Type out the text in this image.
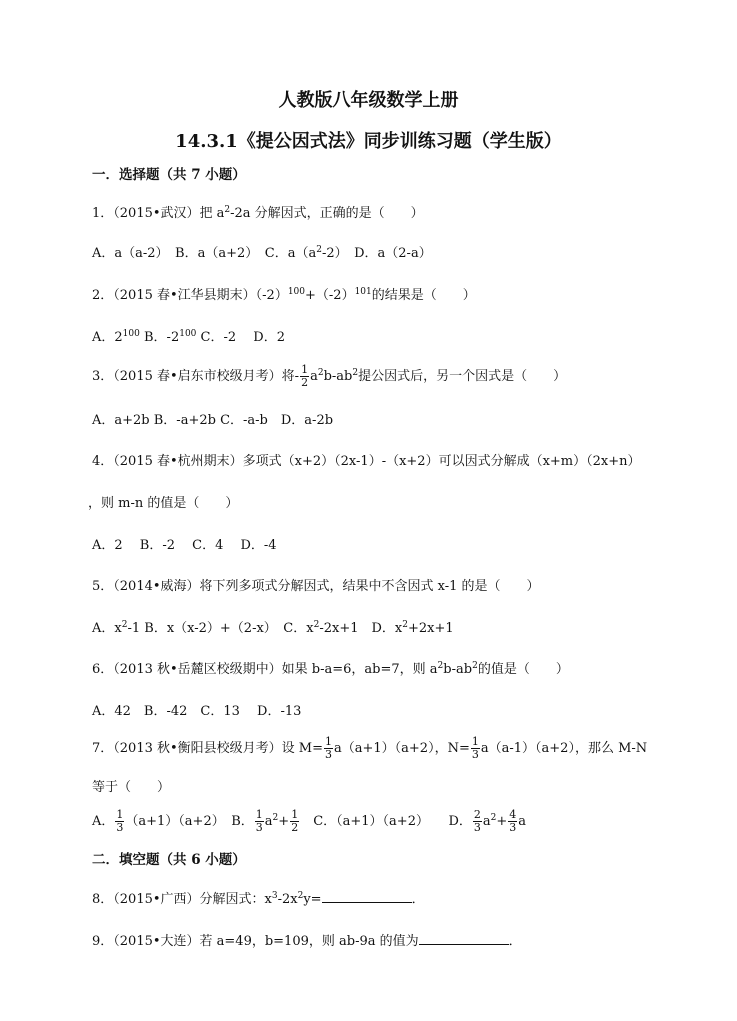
人教版八年级数学上册
14.3.1《提公因式法》同步训练习题（学生版）
一．选择题（共 7 小题）
1．（2015•武汉）把 $a^2-2a$ 分解因式，正确的是（　　）
A．a（a-2）　B．a（a+2）　C．$a(a^2-2)$　D．a（2-a）
2．（2015 春•江华县期末）$(-2)^{100}+(-2)^{101}$的结果是（　　）
A．$2^{100}$ B．$-2^{100}$ C．-2　 D．2
3．（2015 春•启东市校级月考）将- $\frac{1}{2} a^2b-ab^2$提公因式后，另一个因式是（　　）
A．a+2b B．-a+2b C．-a-b　D．a-2b
4．（2015 春•杭州期末）多项式（x+2）（2x-1）-（x+2）可以因式分解成（x+m）（2x+n）
，则 m-n 的值是（　　）
A．2　 B．-2　 C．4　 D．-4
5．（2014•威海）将下列多项式分解因式，结果中不含因式 x-1 的是（　　）
A．$x^2-1$ B．x（x-2）+（2-x）　C．$x^2-2x+1$　D．$x^2+2x+1$
6．（2013 秋•岳麓区校级期中）如果 b-a=6，ab=7，则 $a^2b-ab^2$的值是（　　）
A．42　B．-42　C．13　 D．-13
7．（2013 秋•衡阳县校级月考）设 $M= \frac{1}{3} a(a+1)(a+2)$，$N= \frac{1}{3} a(a-1)(a+2)$，那么 M-N
等于（　　）
A． $\frac{1}{3} (a+1)(a+2)$　B． $\frac{1}{3} a^2+ \frac{1}{2}$ 　C．（a+1）（a+2）　　D． $\frac{2}{3} a^2+ \frac{4}{3}$ a
二．填空题（共 6 小题）
8．（2015•广西）分解因式：$x^3-2x^2y=$	．
9．（2015•大连）若 a=49，b=109，则 ab-9a 的值为	．
